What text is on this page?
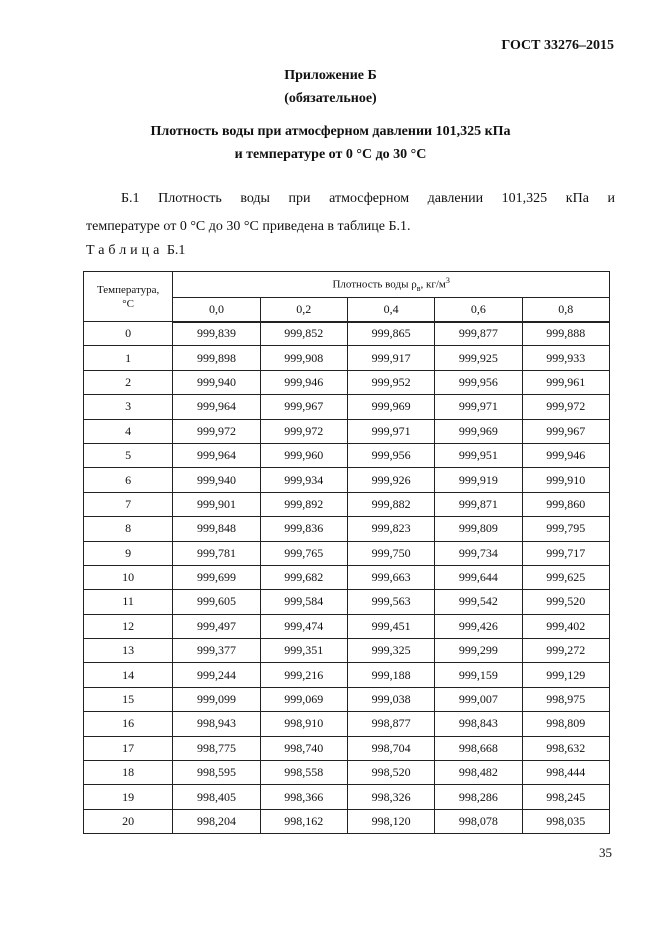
ГОСТ 33276–2015
Приложение Б
(обязательное)
Плотность воды при атмосферном давлении 101,325 кПа
и температуре от 0 °С до 30 °С
Б.1 Плотность воды при атмосферном давлении 101,325 кПа и
температуре от 0 °С до 30 °С приведена в таблице Б.1.
Таблица Б.1
Температура,
°С	Плотность воды $\rho_в$, $кг/м^3$
	0,0	0,2	0,4	0,6	0,8
0	999,839	999,852	999,865	999,877	999,888
1	999,898	999,908	999,917	999,925	999,933
2	999,940	999,946	999,952	999,956	999,961
3	999,964	999,967	999,969	999,971	999,972
4	999,972	999,972	999,971	999,969	999,967
5	999,964	999,960	999,956	999,951	999,946
6	999,940	999,934	999,926	999,919	999,910
7	999,901	999,892	999,882	999,871	999,860
8	999,848	999,836	999,823	999,809	999,795
9	999,781	999,765	999,750	999,734	999,717
10	999,699	999,682	999,663	999,644	999,625
11	999,605	999,584	999,563	999,542	999,520
12	999,497	999,474	999,451	999,426	999,402
13	999,377	999,351	999,325	999,299	999,272
14	999,244	999,216	999,188	999,159	999,129
15	999,099	999,069	999,038	999,007	998,975
16	998,943	998,910	998,877	998,843	998,809
17	998,775	998,740	998,704	998,668	998,632
18	998,595	998,558	998,520	998,482	998,444
19	998,405	998,366	998,326	998,286	998,245
20	998,204	998,162	998,120	998,078	998,035
35
